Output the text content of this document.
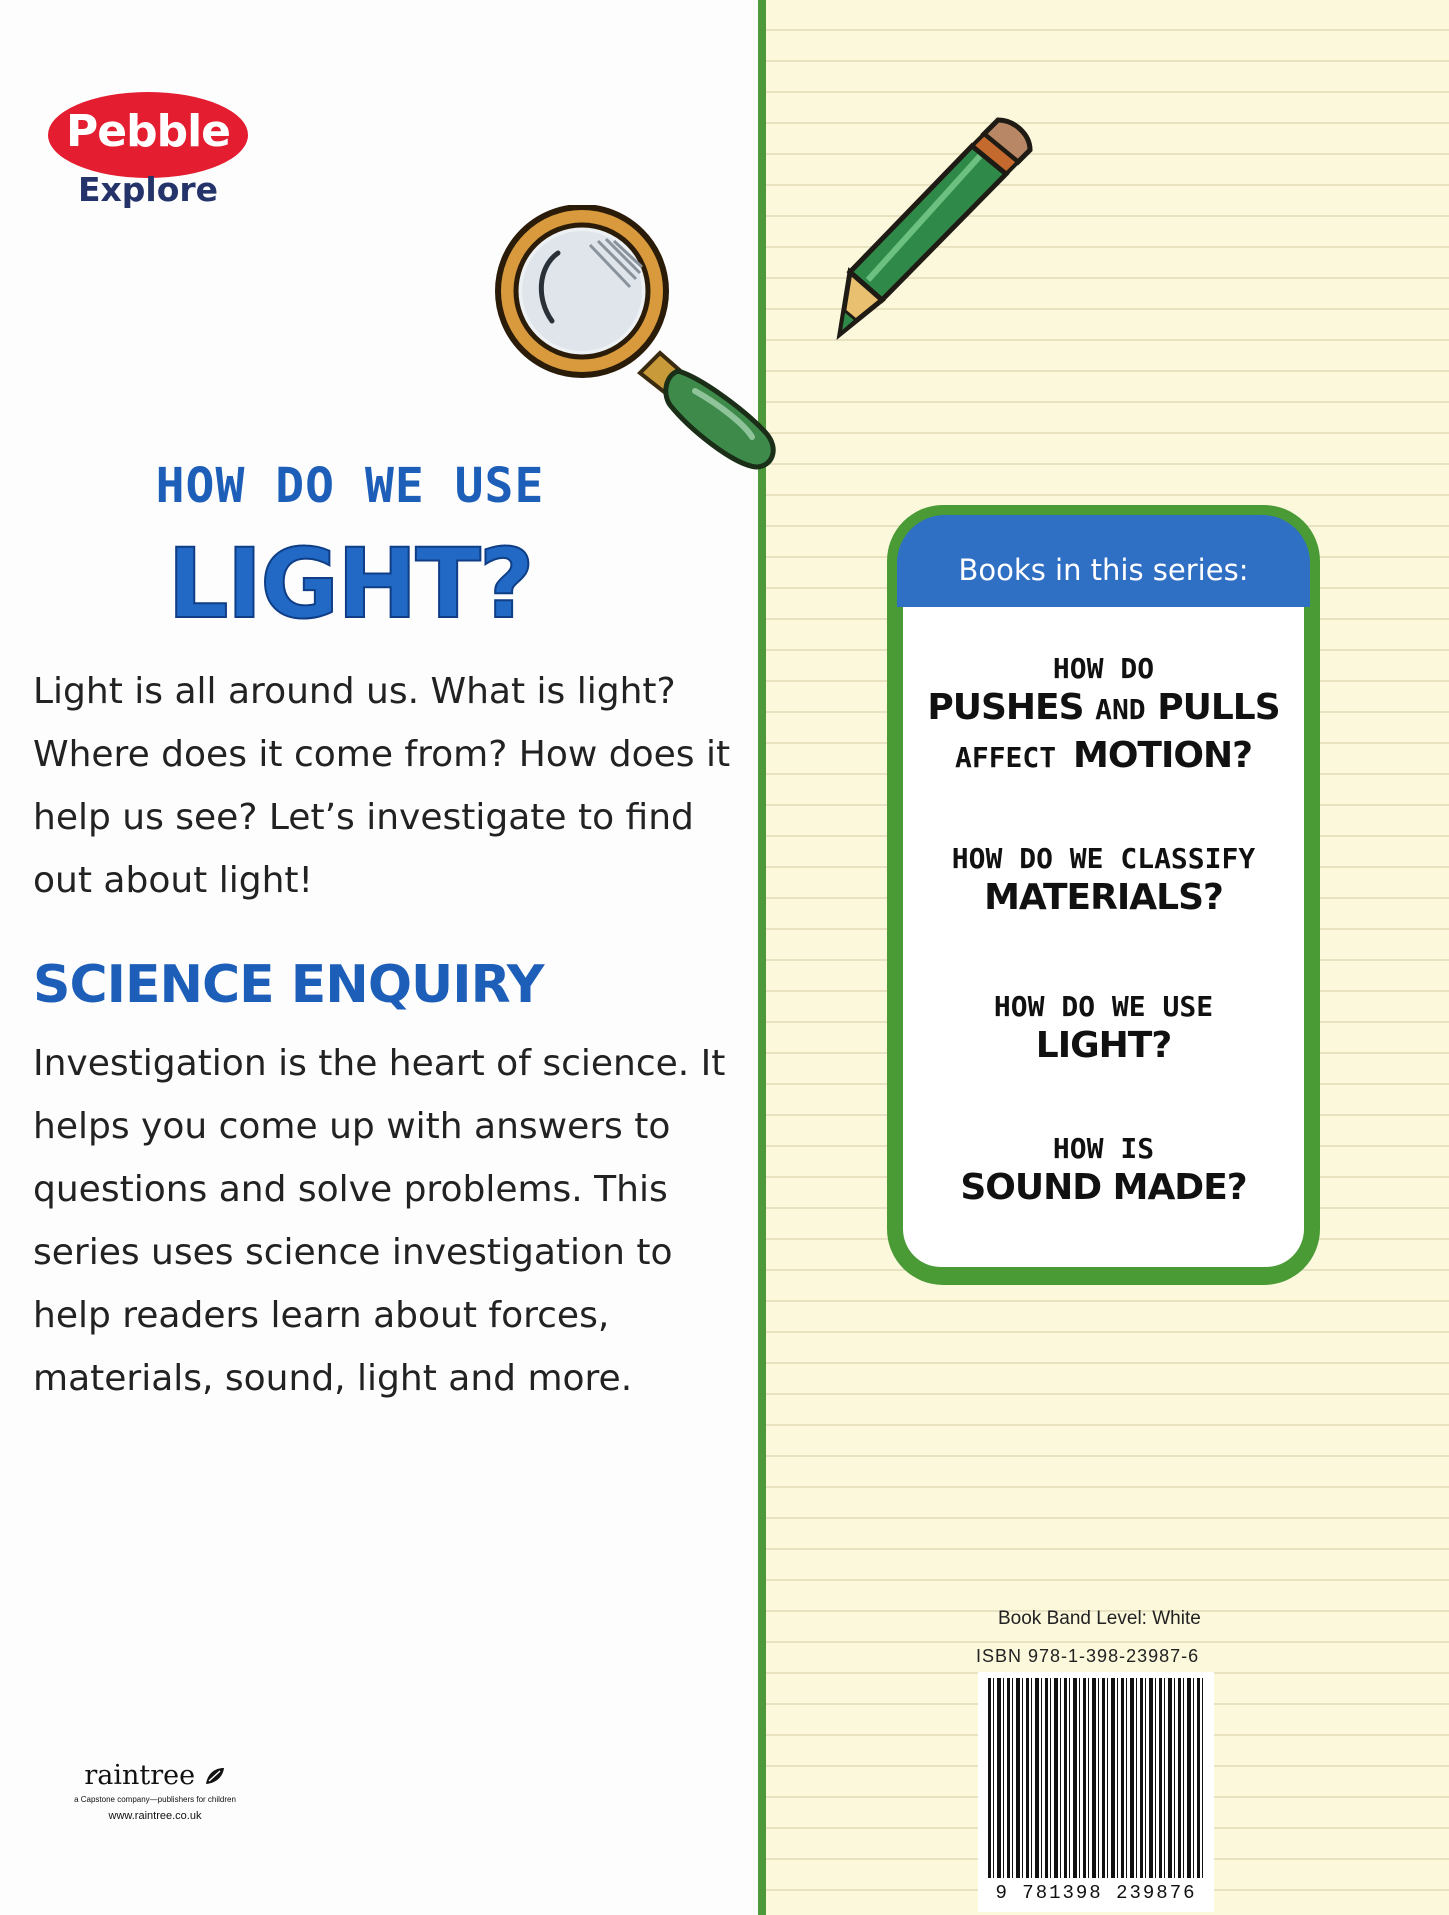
Pebble
Explore
HOW DO WE USE
LIGHT?

Light is all around us. What is light? Where does it come from? How does it help us see? Let’s investigate to find out about light!

SCIENCE ENQUIRY

Investigation is the heart of science. It helps you come up with answers to questions and solve problems. This series uses science investigation to help readers learn about forces, materials, sound, light and more.

raintree
a Capstone company—publishers for children
www.raintree.co.uk
Books in this series:
HOW DO
PUSHES AND PULLS
AFFECT MOTION?
HOW DO WE CLASSIFY
MATERIALS?
HOW DO WE USE
LIGHT?
HOW IS
SOUND MADE?
Book Band Level: White
ISBN 978-1-398-23987-6
9 781398 239876
